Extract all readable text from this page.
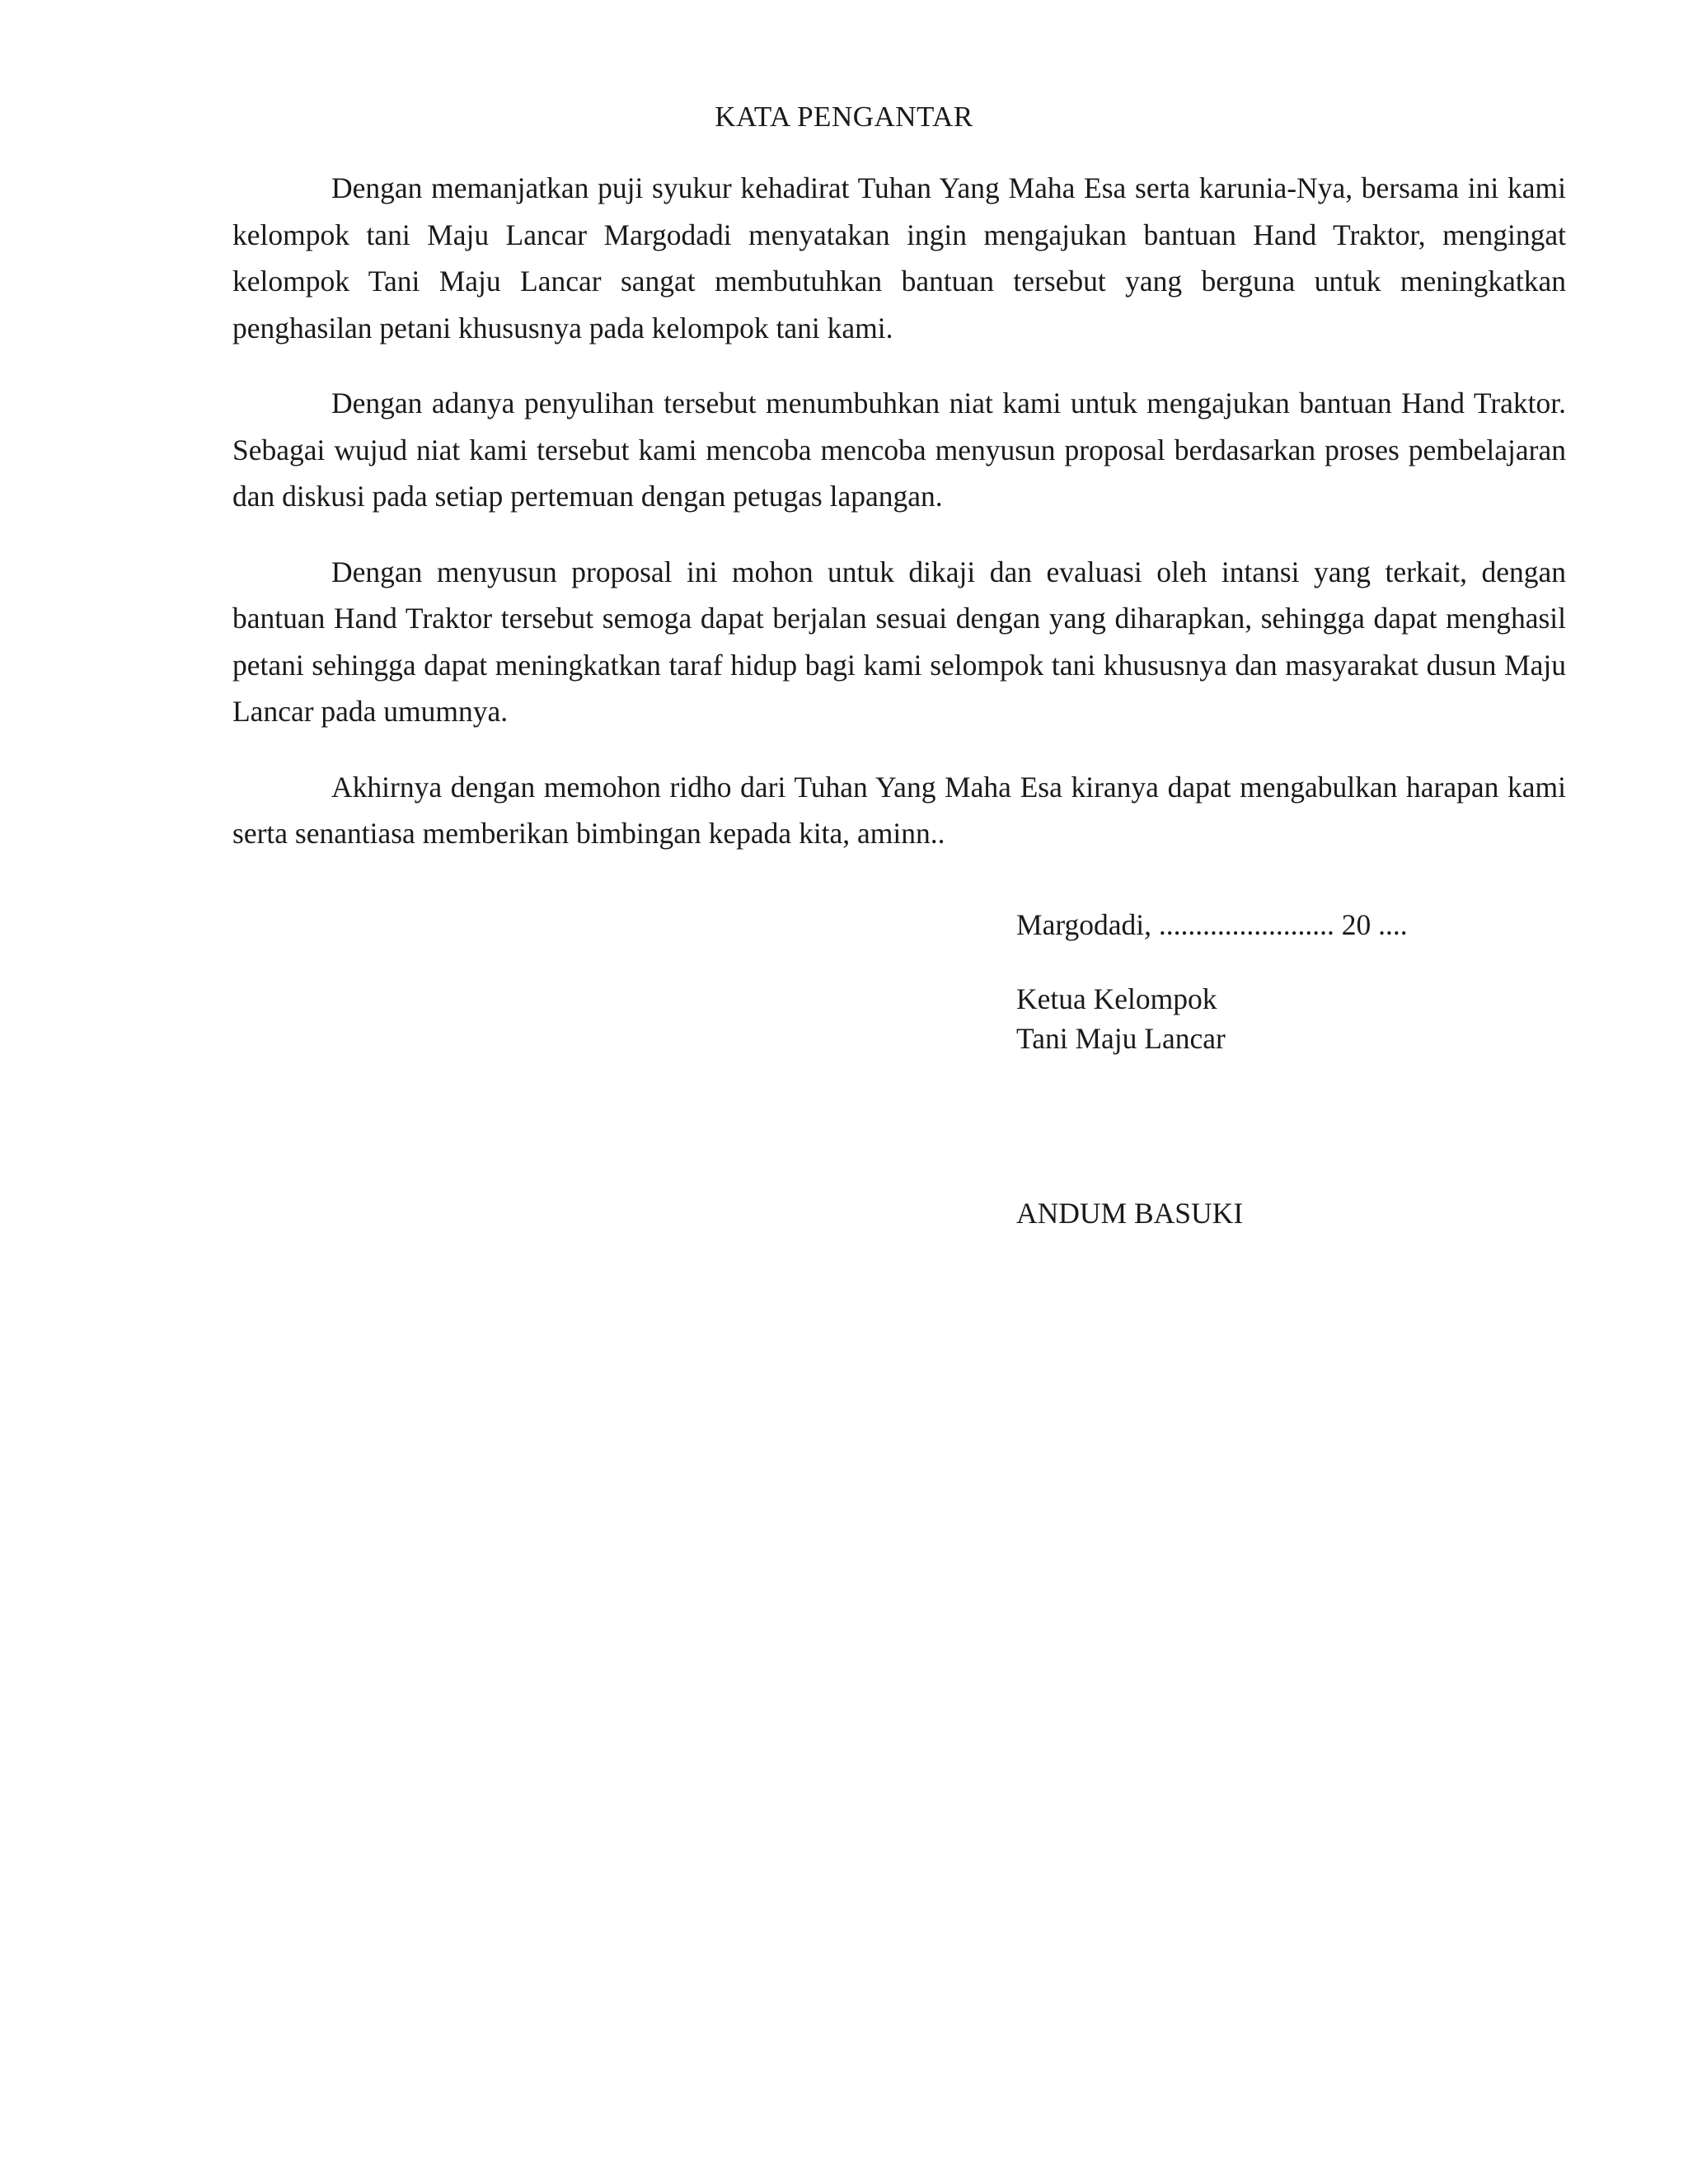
KATA PENGANTAR

Dengan memanjatkan puji syukur kehadirat Tuhan Yang Maha Esa serta karunia-Nya, bersama ini kami kelompok tani Maju Lancar Margodadi menyatakan ingin mengajukan bantuan Hand Traktor, mengingat kelompok Tani Maju Lancar sangat membutuhkan bantuan tersebut yang berguna untuk meningkatkan penghasilan petani khususnya pada kelompok tani kami.

Dengan adanya penyulihan tersebut menumbuhkan niat kami untuk mengajukan bantuan Hand Traktor. Sebagai wujud niat kami tersebut kami mencoba mencoba menyusun proposal berdasarkan proses pembelajaran dan diskusi pada setiap pertemuan dengan petugas lapangan.

Dengan menyusun proposal ini mohon untuk dikaji dan evaluasi oleh intansi yang terkait, dengan bantuan Hand Traktor tersebut semoga dapat berjalan sesuai dengan yang diharapkan, sehingga dapat menghasil petani sehingga dapat meningkatkan taraf hidup bagi kami selompok tani khususnya dan masyarakat dusun Maju Lancar pada umumnya.

Akhirnya dengan memohon ridho dari Tuhan Yang Maha Esa kiranya dapat mengabulkan harapan kami serta senantiasa memberikan bimbingan kepada kita, aminn..

Margodadi, ........................ 20 ....
Ketua Kelompok
Tani Maju Lancar
ANDUM BASUKI
